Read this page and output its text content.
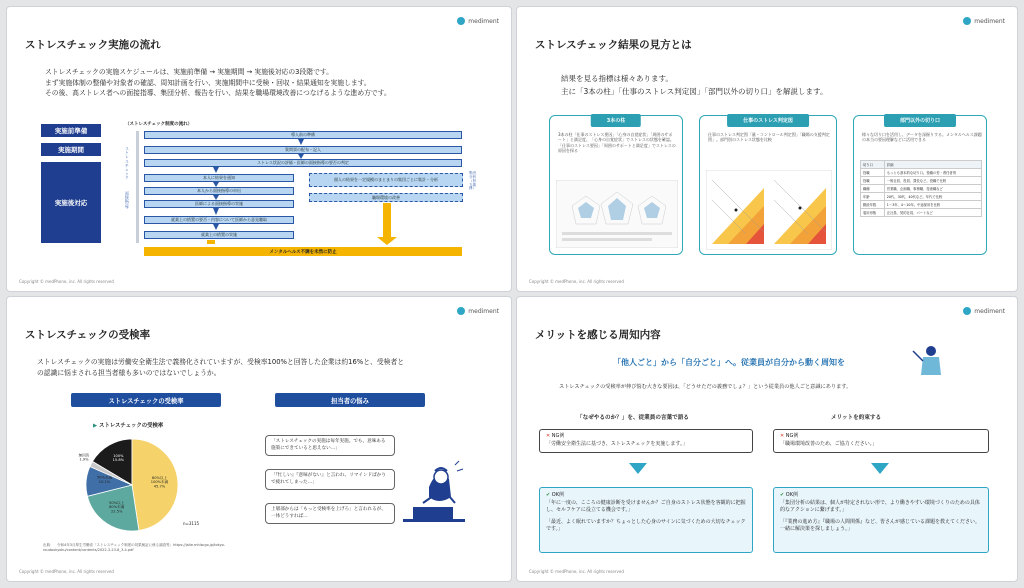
mediment
ストレスチェック実施の流れ
ストレスチェックの実施スケジュールは、実施前準備 → 実施期間 → 実施後対応の3段階です。
まず実施体制の整備や対象者の確認、周知計画を行い、実施期間中に受検・回収・結果通知を実施します。
その後、高ストレス者への面接指導、集団分析、報告を行い、結果を職場環境改善につなげるような進め方です。
実施前準備
実施期間
実施後対応
（ストレスチェック制度の流れ）
導入前の準備
質問票の配布・記入
ストレス状況の評価・医師の面接指導の要否の判定
本人に結果を通知
本人から面接指導の申出
医師による面接指導の実施
就業上の措置の要否・内容について医師から意見聴取
就業上の措置の実施
個人の結果を一定規模のまとまりの集団ごとに集計・分析
職場環境の改善
ストレスチェック
面接指導
集団分析（努力義務）
メンタルヘルス不調を未然に防止
Copyright © medPhone, inc. All rights reserved
mediment
ストレスチェック結果の見方とは
結果を見る指標は様々あります。
主に「3本の柱」「仕事のストレス判定図」「部門以外の切り口」を解説します。
3本の柱
3本の柱「仕事のストレス要因」「心身の自覚症状」「周囲のサポート」と満足度。「心身の自覚症状」でストレスの状態を確認。「仕事のストレス要因」「周囲のサポートと満足度」でストレスの原因を探る
仕事のストレス判定図
仕事のストレス判定図「量・コントロール判定図」「職場の支援判定図」。部門別のストレス状態を比較
部門以外の切り口
様々な切り口を活用し、データを深掘りする。メンタルヘルス課題の本当の要因理解などに活用できる
切り口	詳細
役職	もっとも基本的な切り口。役職の差・責任者別
役職	一般社員、役員、課長など。役職で比較
職種	営業職、企画職、事務職、技術職など
年齢	20代、30代、40代など。年代で比較
勤続年数	1〜3年、4〜10年。中途採用を比較
雇用形態	正社員、契約社員、パートなど
Copyright © medPhone, inc. All rights reserved
mediment
ストレスチェックの受検率
ストレスチェックの実施は労働安全衛生法で義務化されていますが、受検率100%と回答した企業は約16%と、受検者と
の認識に悩まされる担当者様も多いのではないでしょうか。
ストレスチェックの受検率	担当者の悩み
▶ ストレスチェックの受検率
100% 15.8%
80%以上 100%未満 45.7%
50%以上 80%未満 22.5%
50%未満 10.1%
無回答 1.9%
n=3115
出典：　令和4年3月厚生労働省「ストレスチェック制度の効果検証に係る調査等」https://jsite.mhlw.go.jp/tokyo-roudoukyoku/content/contents/2022-3-23-8_3-4.pdf
「ストレスチェックの実施は毎年実施。でも、意味ある施策にできていると思えない…」
「『忙しい』『意味がない』と言われ、リマインドばかりで疲れてしまった…」
上層部からは「もっと受検率を上げろ」と言われるが、一体どうすれば…
Copyright © medPhone, inc. All rights reserved
mediment
メリットを感じる周知内容
「他人ごと」から「自分ごと」へ。従業員が自分から動く周知を
ストレスチェックの受検率が伸び悩む大きな要因は、「どうせただの義務でしょ？」という従業員の他人ごと意識にあります。
「なぜやるのか？」を、従業員の言葉で語る	メリットを約束する
✕ NG例
「労働安全衛生法に基づき、ストレスチェックを実施します。」
✕ NG例
「職場環境改善のため、ご協力ください。」
✔ OK例
「年に一度の、こころの健康診断を受けませんか？ご自身のストレス状態を客観的に把握し、セルフケアに役立てる機会です。」
「最近、よく眠れていますか？ちょっとした心身のサインに気づくための大切なチェックです。」
✔ OK例
「集団分析の結果は、個人が特定されない形で、より働きやすい環境づくりのための具体的なアクションに繋げます。」
「『業務の進め方』『職場の人間関係』など、皆さんが感じている課題を教えてください。一緒に解決策を探しましょう。」
Copyright © medPhone, inc. All rights reserved
